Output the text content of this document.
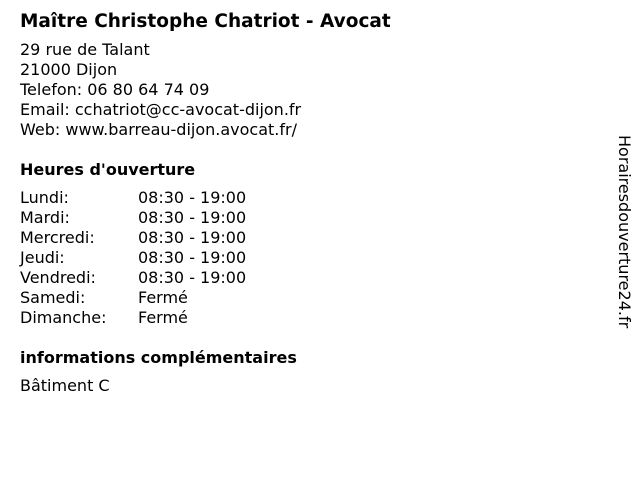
Maître Christophe Chatriot - Avocat
29 rue de Talant
21000 Dijon
Telefon: 06 80 64 74 09
Email: cchatriot@cc-avocat-dijon.fr
Web: www.barreau-dijon.avocat.fr/
Heures d'ouverture
Lundi:	08:30 - 19:00
Mardi:	08:30 - 19:00
Mercredi:	08:30 - 19:00
Jeudi:	08:30 - 19:00
Vendredi:	08:30 - 19:00
Samedi:	Fermé
Dimanche:	Fermé
informations complémentaires
Bâtiment C
Horairesdouverture24.fr
